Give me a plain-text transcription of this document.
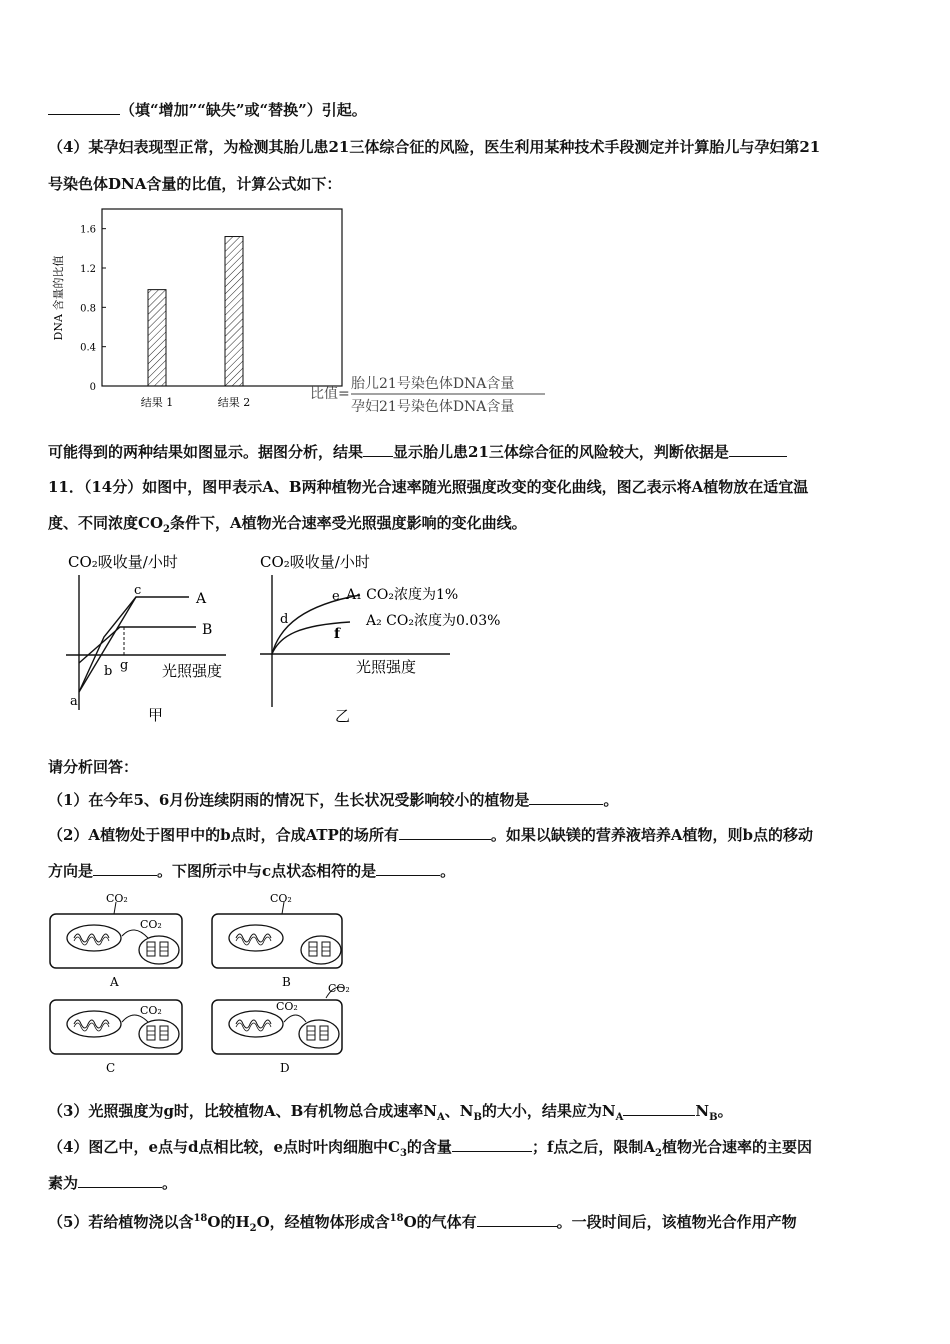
（填“增加”“缺失”或“替换”）引起。
（4）某孕妇表现型正常，为检测其胎儿患21三体综合征的风险，医生利用某种技术手段测定并计算胎儿与孕妇第21
号染色体DNA含量的比值，计算公式如下：
0
0.4
0.8
1.2
1.6
结果 1	结果 2
DNA 含量的比值
比值=
胎儿21号染色体DNA含量
孕妇21号染色体DNA含量
可能得到的两种结果如图显示。据图分析，结果 显示胎儿患21三体综合征的风险较大，判断依据是
11．（14分）如图中，图甲表示A、B两种植物光合速率随光照强度改变的变化曲线，图乙表示将A植物放在适宜温
度、不同浓度$CO_2$条件下，A植物光合速率受光照强度影响的变化曲线。
CO₂吸收量/小时
a
b
c
g
A
B
光照强度
甲
CO₂吸收量/小时
d
e
f
A₁ CO₂浓度为1%
A₂ CO₂浓度为0.03%
光照强度
乙
请分析回答：
（1）在今年5、6月份连续阴雨的情况下，生长状况受影响较小的植物是	。
（2）A植物处于图甲中的b点时，合成ATP的场所有	。如果以缺镁的营养液培养A植物，则b点的移动
方向是	。下图所示中与c点状态相符的是	。
CO₂
CO₂
A
CO₂
B
CO₂
C
CO₂
CO₂
D
（3）光照强度为g时，比较植物A、B有机物总合成速率$N_A$、$N_B$的大小，结果应为$N_A$	$N_B$。
（4）图乙中，e点与d点相比较，e点时叶肉细胞中$C_3$的含量	；f点之后，限制$A_2$植物光合速率的主要因
素为	。
（5）若给植物浇以含$^{18}$O的$H_2O$，经植物体形成含$^{18}$O的气体有	。一段时间后，该植物光合作用产物
